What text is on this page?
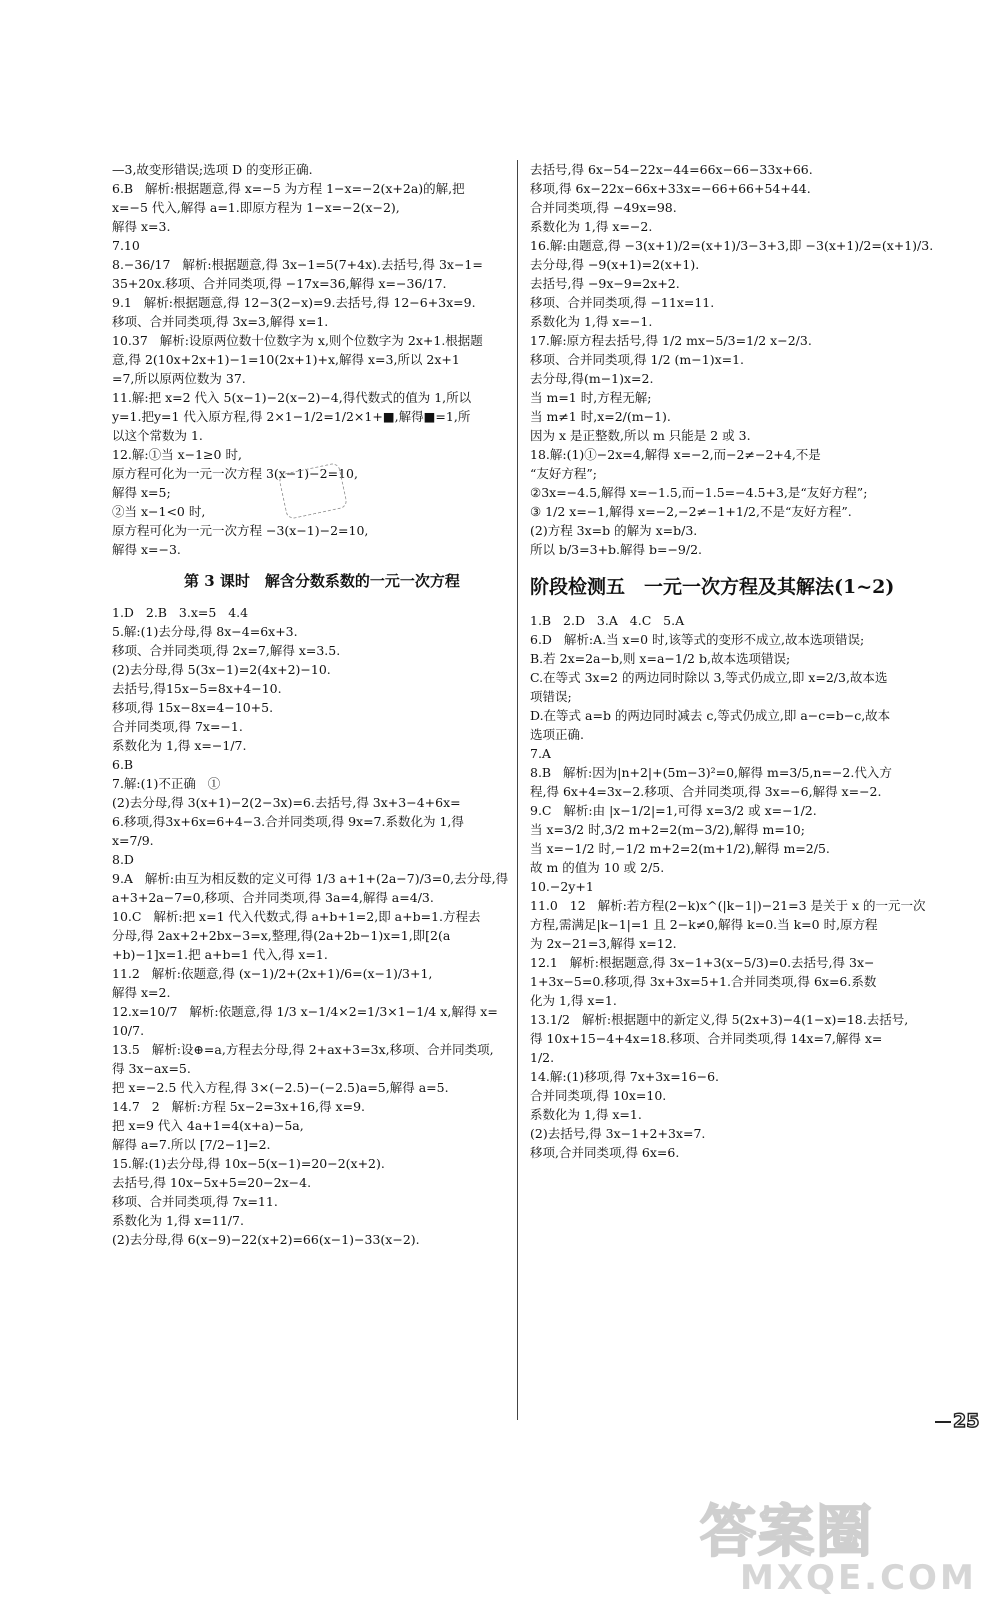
—3,故变形错误;选项 D 的变形正确.
6.B   解析:根据题意,得 x=−5 为方程 1−x=−2(x+2a)的解,把
x=−5 代入,解得 a=1.即原方程为 1−x=−2(x−2),
解得 x=3.
7.10
8.−36/17   解析:根据题意,得 3x−1=5(7+4x).去括号,得 3x−1=
35+20x.移项、合并同类项,得 −17x=36,解得 x=−36/17.
9.1   解析:根据题意,得 12−3(2−x)=9.去括号,得 12−6+3x=9.
移项、合并同类项,得 3x=3,解得 x=1.
10.37   解析:设原两位数十位数字为 x,则个位数字为 2x+1.根据题
意,得 2(10x+2x+1)−1=10(2x+1)+x,解得 x=3,所以 2x+1
=7,所以原两位数为 37.
11.解:把 x=2 代入 5(x−1)−2(x−2)−4,得代数式的值为 1,所以
y=1.把y=1 代入原方程,得 2×1−1/2=1/2×1+■,解得■=1,所
以这个常数为 1.
12.解:①当 x−1≥0 时,
原方程可化为一元一次方程 3(x−1)−2=10,
解得 x=5;
②当 x−1<0 时,
原方程可化为一元一次方程 −3(x−1)−2=10,
解得 x=−3.
第 3 课时　解含分数系数的一元一次方程
1.D   2.B   3.x=5   4.4
5.解:(1)去分母,得 8x−4=6x+3.
移项、合并同类项,得 2x=7,解得 x=3.5.
(2)去分母,得 5(3x−1)=2(4x+2)−10.
去括号,得15x−5=8x+4−10.
移项,得 15x−8x=4−10+5.
合并同类项,得 7x=−1.
系数化为 1,得 x=−1/7.
6.B
7.解:(1)不正确   ①
(2)去分母,得 3(x+1)−2(2−3x)=6.去括号,得 3x+3−4+6x=
6.移项,得3x+6x=6+4−3.合并同类项,得 9x=7.系数化为 1,得
x=7/9.
8.D
9.A   解析:由互为相反数的定义可得 1/3 a+1+(2a−7)/3=0,去分母,得
a+3+2a−7=0,移项、合并同类项,得 3a=4,解得 a=4/3.
10.C   解析:把 x=1 代入代数式,得 a+b+1=2,即 a+b=1.方程去
分母,得 2ax+2+2bx−3=x,整理,得(2a+2b−1)x=1,即[2(a
+b)−1]x=1.把 a+b=1 代入,得 x=1.
11.2   解析:依题意,得 (x−1)/2+(2x+1)/6=(x−1)/3+1,
解得 x=2.
12.x=10/7   解析:依题意,得 1/3 x−1/4×2=1/3×1−1/4 x,解得 x=
10/7.
13.5   解析:设⊕=a,方程去分母,得 2+ax+3=3x,移项、合并同类项,
得 3x−ax=5.
把 x=−2.5 代入方程,得 3×(−2.5)−(−2.5)a=5,解得 a=5.
14.7   2   解析:方程 5x−2=3x+16,得 x=9.
把 x=9 代入 4a+1=4(x+a)−5a,
解得 a=7.所以 [7/2−1]=2.
15.解:(1)去分母,得 10x−5(x−1)=20−2(x+2).
去括号,得 10x−5x+5=20−2x−4.
移项、合并同类项,得 7x=11.
系数化为 1,得 x=11/7.
(2)去分母,得 6(x−9)−22(x+2)=66(x−1)−33(x−2).
去括号,得 6x−54−22x−44=66x−66−33x+66.
移项,得 6x−22x−66x+33x=−66+66+54+44.
合并同类项,得 −49x=98.
系数化为 1,得 x=−2.
16.解:由题意,得 −3(x+1)/2=(x+1)/3−3+3,即 −3(x+1)/2=(x+1)/3.
去分母,得 −9(x+1)=2(x+1).
去括号,得 −9x−9=2x+2.
移项、合并同类项,得 −11x=11.
系数化为 1,得 x=−1.
17.解:原方程去括号,得 1/2 mx−5/3=1/2 x−2/3.
移项、合并同类项,得 1/2 (m−1)x=1.
去分母,得(m−1)x=2.
当 m=1 时,方程无解;
当 m≠1 时,x=2/(m−1).
因为 x 是正整数,所以 m 只能是 2 或 3.
18.解:(1)①−2x=4,解得 x=−2,而−2≠−2+4,不是
“友好方程”;
②3x=−4.5,解得 x=−1.5,而−1.5=−4.5+3,是“友好方程”;
③ 1/2 x=−1,解得 x=−2,−2≠−1+1/2,不是“友好方程”.
(2)方程 3x=b 的解为 x=b/3.
所以 b/3=3+b.解得 b=−9/2.
阶段检测五　一元一次方程及其解法(1~2)
1.B   2.D   3.A   4.C   5.A
6.D   解析:A.当 x=0 时,该等式的变形不成立,故本选项错误;
B.若 2x=2a−b,则 x=a−1/2 b,故本选项错误;
C.在等式 3x=2 的两边同时除以 3,等式仍成立,即 x=2/3,故本选
项错误;
D.在等式 a=b 的两边同时减去 c,等式仍成立,即 a−c=b−c,故本
选项正确.
7.A
8.B   解析:因为|n+2|+(5m−3)²=0,解得 m=3/5,n=−2.代入方
程,得 6x+4=3x−2.移项、合并同类项,得 3x=−6,解得 x=−2.
9.C   解析:由 |x−1/2|=1,可得 x=3/2 或 x=−1/2.
当 x=3/2 时,3/2 m+2=2(m−3/2),解得 m=10;
当 x=−1/2 时,−1/2 m+2=2(m+1/2),解得 m=2/5.
故 m 的值为 10 或 2/5.
10.−2y+1
11.0   12   解析:若方程(2−k)x^(|k−1|)−21=3 是关于 x 的一元一次
方程,需满足|k−1|=1 且 2−k≠0,解得 k=0.当 k=0 时,原方程
为 2x−21=3,解得 x=12.
12.1   解析:根据题意,得 3x−1+3(x−5/3)=0.去括号,得 3x−
1+3x−5=0.移项,得 3x+3x=5+1.合并同类项,得 6x=6.系数
化为 1,得 x=1.
13.1/2   解析:根据题中的新定义,得 5(2x+3)−4(1−x)=18.去括号,
得 10x+15−4+4x=18.移项、合并同类项,得 14x=7,解得 x=
1/2.
14.解:(1)移项,得 7x+3x=16−6.
合并同类项,得 10x=10.
系数化为 1,得 x=1.
(2)去括号,得 3x−1+2+3x=7.
移项,合并同类项,得 6x=6.
25
答案圈
MXQE.COM
